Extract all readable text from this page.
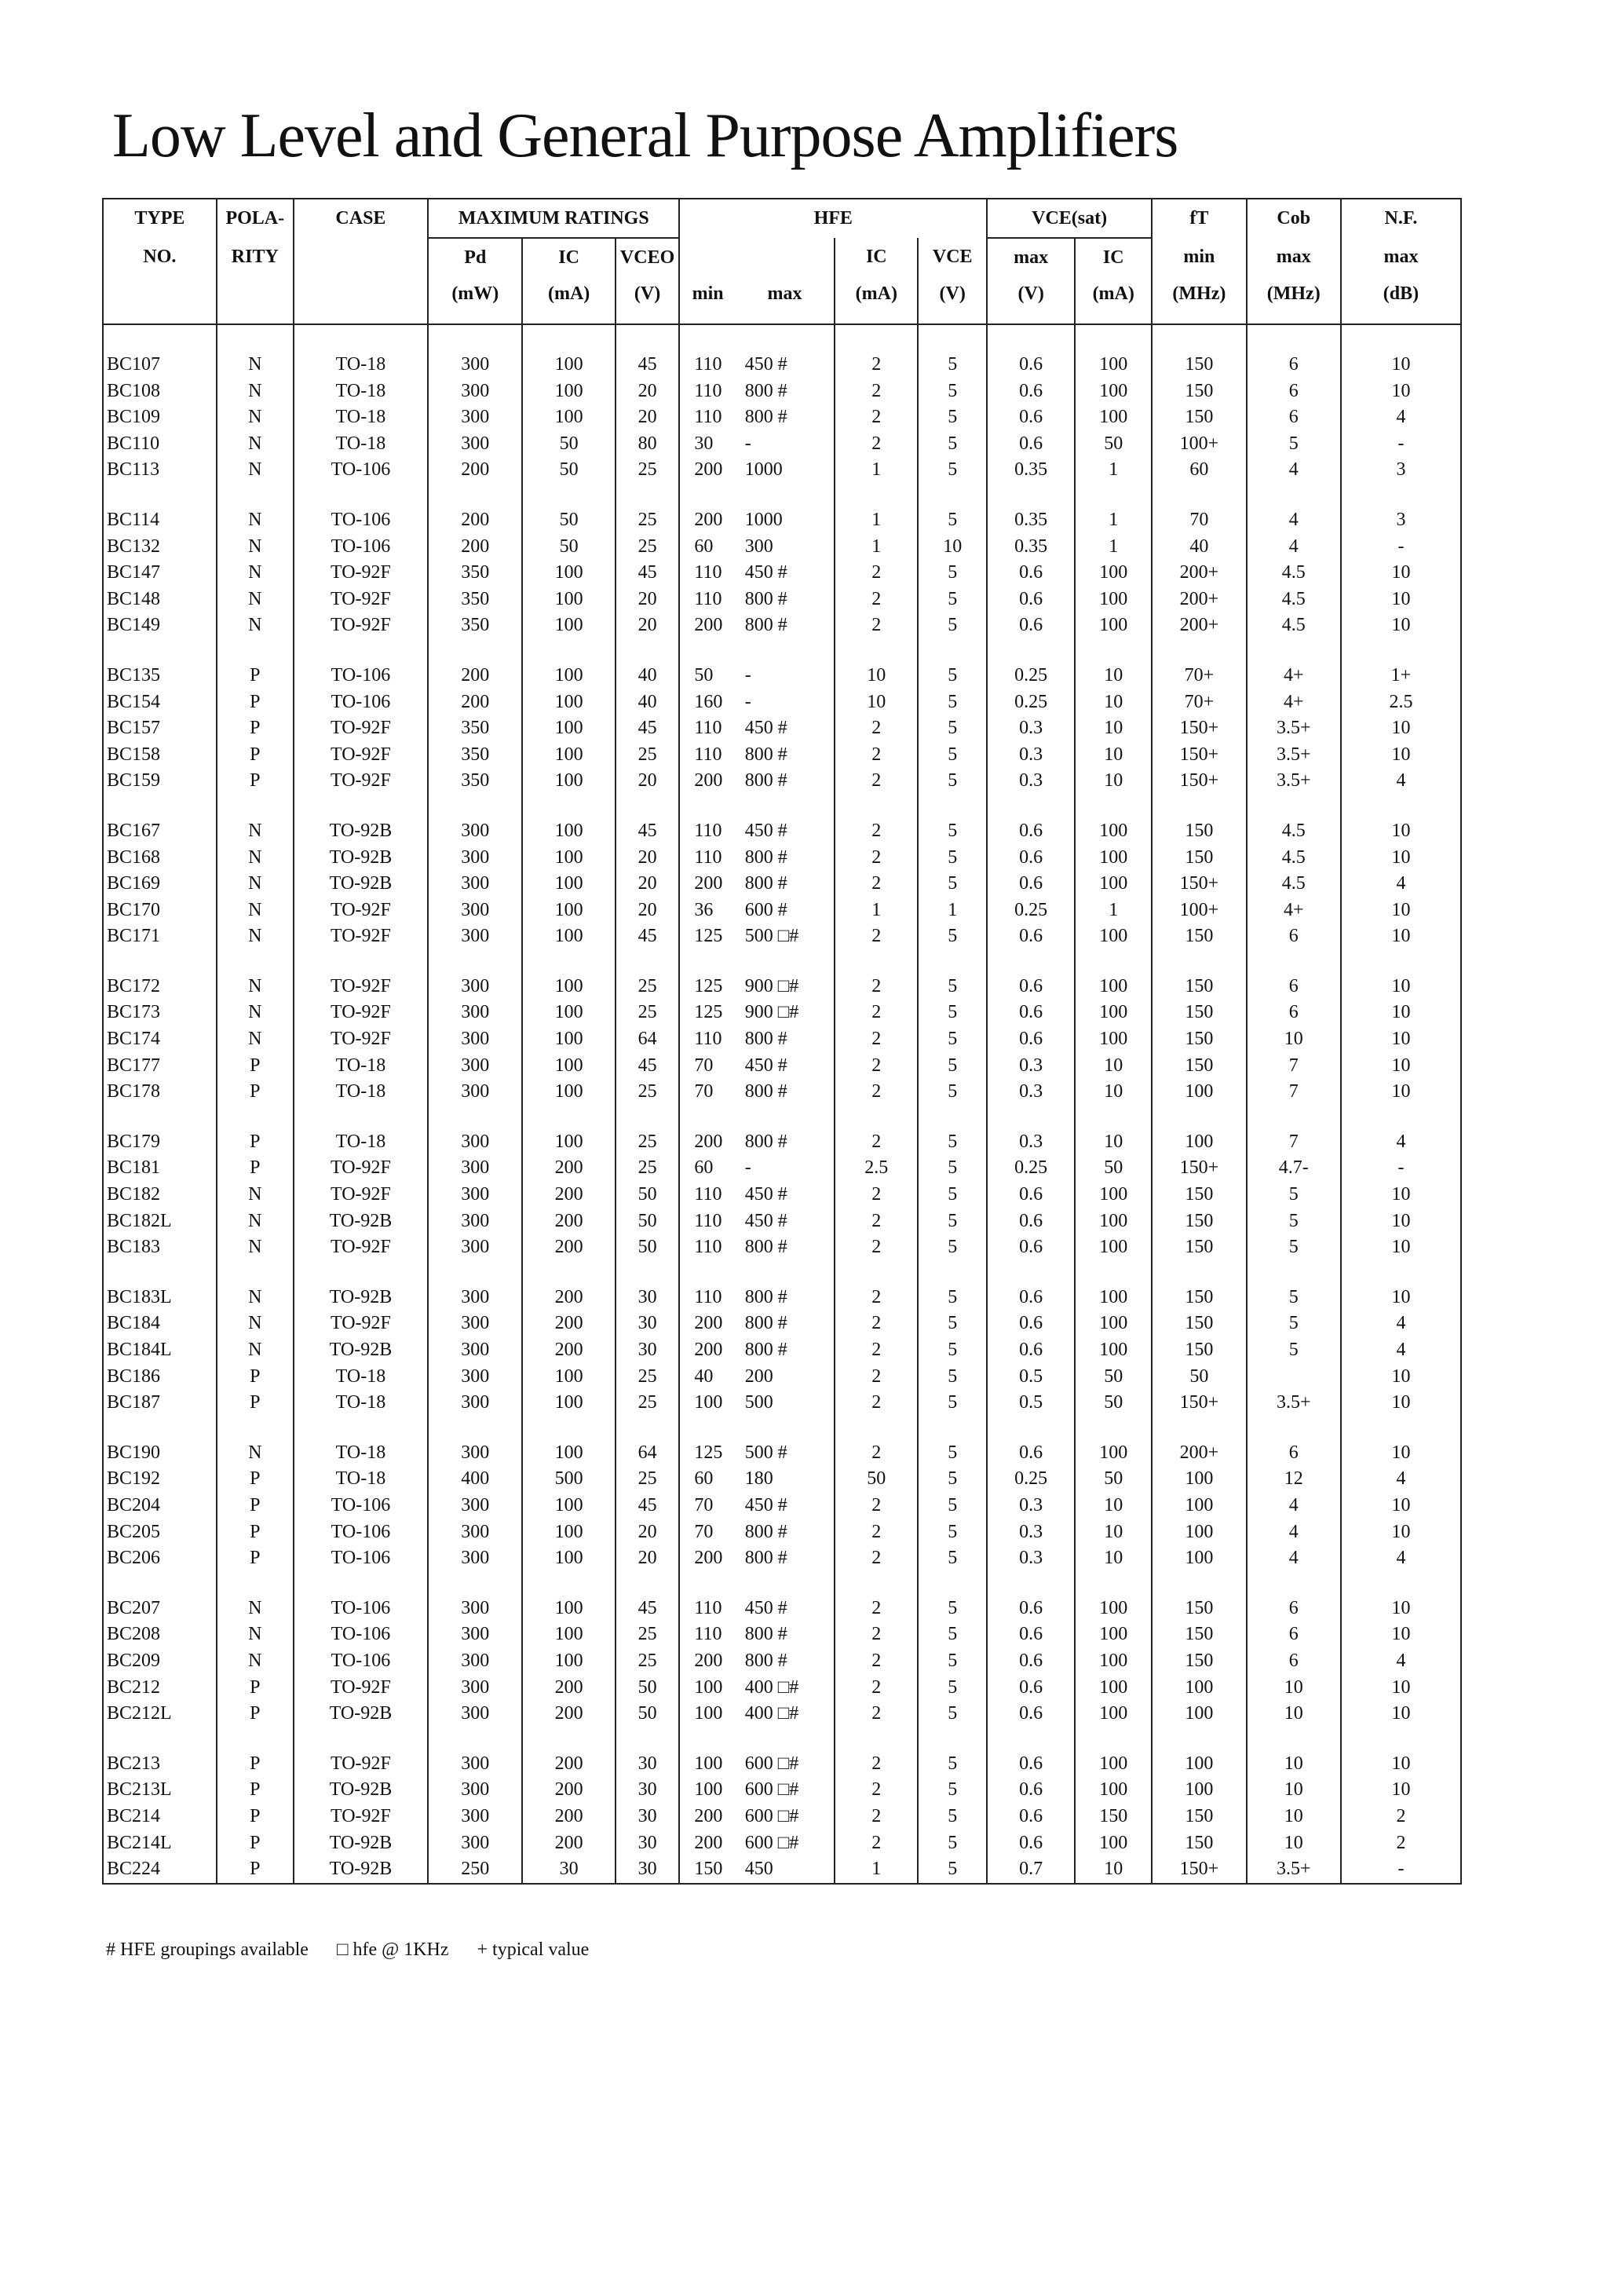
Low Level and General Purpose Amplifiers
TYPE	POLA-	CASE	MAXIMUM RATINGS			HFE				VCE(sat)		fT	Cob	N.F.
NO.	RITY		Pd	IC	VCEO			IC	VCE	max	IC	min	max	max
			(mW)	(mA)	(V)	min	max	(mA)	(V)	(V)	(mA)	(MHz)	(MHz)	(dB)

BC107	N	TO-18	300	100	45	110	450 #	2	5	0.6	100	150	6	10
BC108	N	TO-18	300	100	20	110	800 #	2	5	0.6	100	150	6	10
BC109	N	TO-18	300	100	20	110	800 #	2	5	0.6	100	150	6	4
BC110	N	TO-18	300	50	80	30	-	2	5	0.6	50	100+	5	-
BC113	N	TO-106	200	50	25	200	1000	1	5	0.35	1	60	4	3

BC114	N	TO-106	200	50	25	200	1000	1	5	0.35	1	70	4	3
BC132	N	TO-106	200	50	25	60	300	1	10	0.35	1	40	4	-
BC147	N	TO-92F	350	100	45	110	450 #	2	5	0.6	100	200+	4.5	10
BC148	N	TO-92F	350	100	20	110	800 #	2	5	0.6	100	200+	4.5	10
BC149	N	TO-92F	350	100	20	200	800 #	2	5	0.6	100	200+	4.5	10

BC135	P	TO-106	200	100	40	50	-	10	5	0.25	10	70+	4+	1+
BC154	P	TO-106	200	100	40	160	-	10	5	0.25	10	70+	4+	2.5
BC157	P	TO-92F	350	100	45	110	450 #	2	5	0.3	10	150+	3.5+	10
BC158	P	TO-92F	350	100	25	110	800 #	2	5	0.3	10	150+	3.5+	10
BC159	P	TO-92F	350	100	20	200	800 #	2	5	0.3	10	150+	3.5+	4

BC167	N	TO-92B	300	100	45	110	450 #	2	5	0.6	100	150	4.5	10
BC168	N	TO-92B	300	100	20	110	800 #	2	5	0.6	100	150	4.5	10
BC169	N	TO-92B	300	100	20	200	800 #	2	5	0.6	100	150+	4.5	4
BC170	N	TO-92F	300	100	20	36	600 #	1	1	0.25	1	100+	4+	10
BC171	N	TO-92F	300	100	45	125	500 □#	2	5	0.6	100	150	6	10

BC172	N	TO-92F	300	100	25	125	900 □#	2	5	0.6	100	150	6	10
BC173	N	TO-92F	300	100	25	125	900 □#	2	5	0.6	100	150	6	10
BC174	N	TO-92F	300	100	64	110	800 #	2	5	0.6	100	150	10	10
BC177	P	TO-18	300	100	45	70	450 #	2	5	0.3	10	150	7	10
BC178	P	TO-18	300	100	25	70	800 #	2	5	0.3	10	100	7	10

BC179	P	TO-18	300	100	25	200	800 #	2	5	0.3	10	100	7	4
BC181	P	TO-92F	300	200	25	60	-	2.5	5	0.25	50	150+	4.7-	-
BC182	N	TO-92F	300	200	50	110	450 #	2	5	0.6	100	150	5	10
BC182L	N	TO-92B	300	200	50	110	450 #	2	5	0.6	100	150	5	10
BC183	N	TO-92F	300	200	50	110	800 #	2	5	0.6	100	150	5	10

BC183L	N	TO-92B	300	200	30	110	800 #	2	5	0.6	100	150	5	10
BC184	N	TO-92F	300	200	30	200	800 #	2	5	0.6	100	150	5	4
BC184L	N	TO-92B	300	200	30	200	800 #	2	5	0.6	100	150	5	4
BC186	P	TO-18	300	100	25	40	200	2	5	0.5	50	50		10
BC187	P	TO-18	300	100	25	100	500	2	5	0.5	50	150+	3.5+	10

BC190	N	TO-18	300	100	64	125	500 #	2	5	0.6	100	200+	6	10
BC192	P	TO-18	400	500	25	60	180	50	5	0.25	50	100	12	4
BC204	P	TO-106	300	100	45	70	450 #	2	5	0.3	10	100	4	10
BC205	P	TO-106	300	100	20	70	800 #	2	5	0.3	10	100	4	10
BC206	P	TO-106	300	100	20	200	800 #	2	5	0.3	10	100	4	4

BC207	N	TO-106	300	100	45	110	450 #	2	5	0.6	100	150	6	10
BC208	N	TO-106	300	100	25	110	800 #	2	5	0.6	100	150	6	10
BC209	N	TO-106	300	100	25	200	800 #	2	5	0.6	100	150	6	4
BC212	P	TO-92F	300	200	50	100	400 □#	2	5	0.6	100	100	10	10
BC212L	P	TO-92B	300	200	50	100	400 □#	2	5	0.6	100	100	10	10

BC213	P	TO-92F	300	200	30	100	600 □#	2	5	0.6	100	100	10	10
BC213L	P	TO-92B	300	200	30	100	600 □#	2	5	0.6	100	100	10	10
BC214	P	TO-92F	300	200	30	200	600 □#	2	5	0.6	150	150	10	2
BC214L	P	TO-92B	300	200	30	200	600 □#	2	5	0.6	100	150	10	2
BC224	P	TO-92B	250	30	30	150	450	1	5	0.7	10	150+	3.5+	-
# HFE groupings available □ hfe @ 1KHz + typical value
